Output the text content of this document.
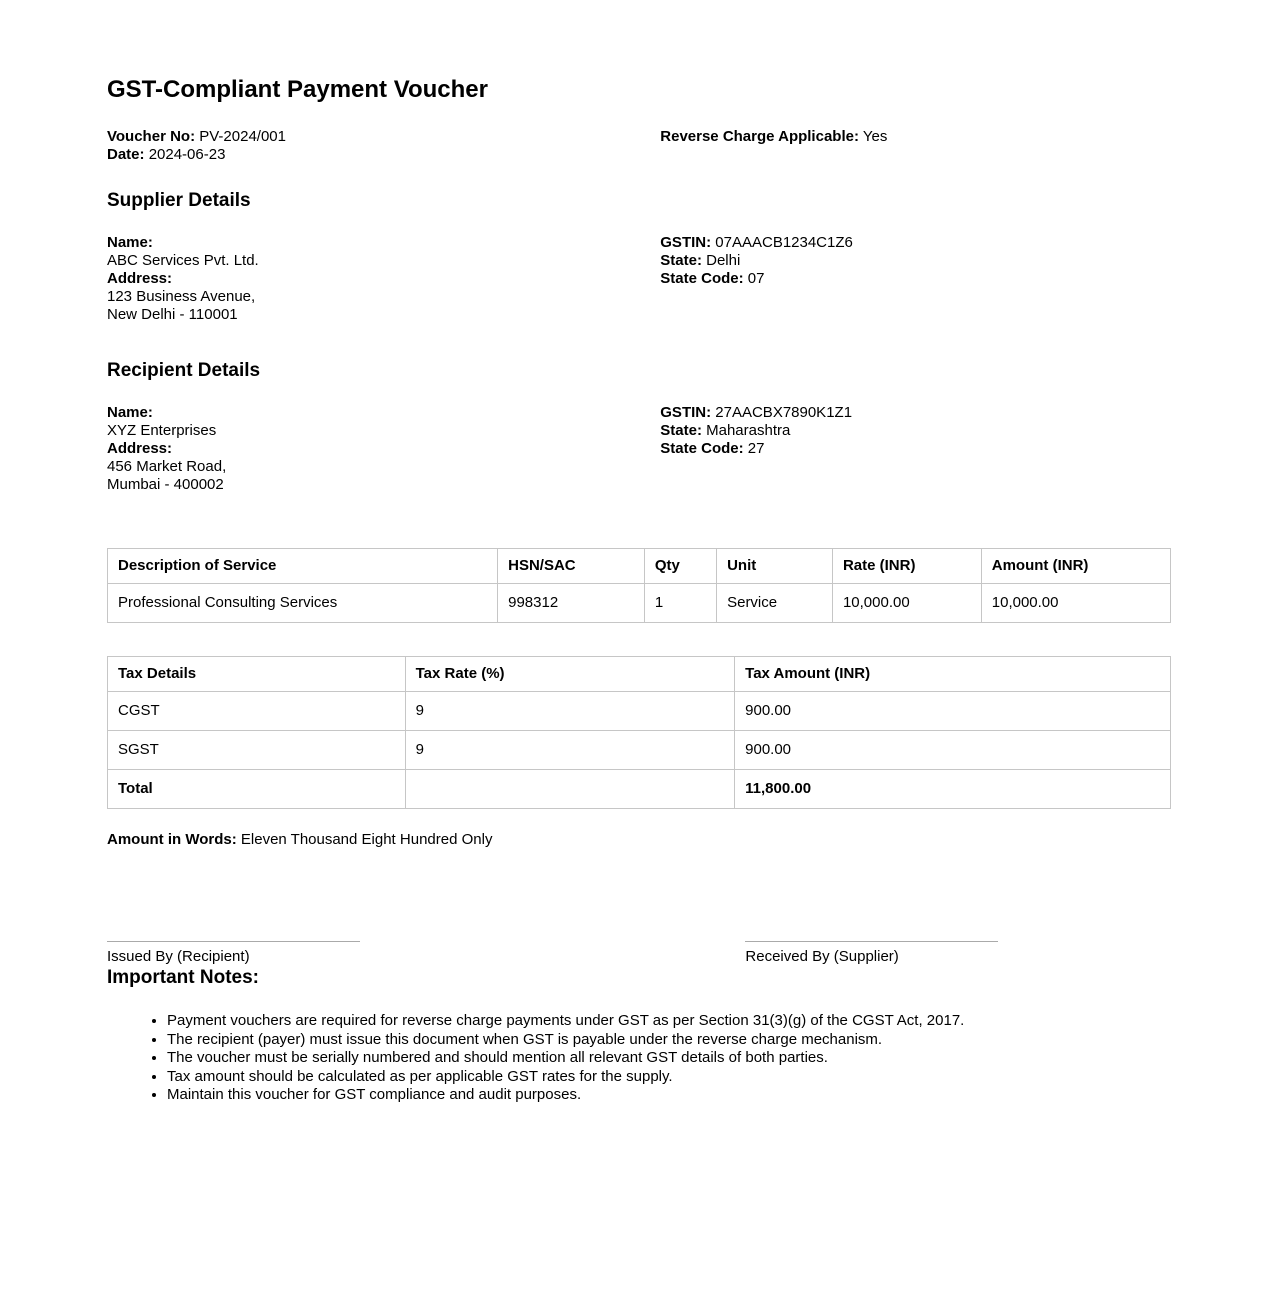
GST-Compliant Payment Voucher
Voucher No: PV-2024/001
Date: 2024-06-23
Reverse Charge Applicable: Yes
Supplier Details
Name:
ABC Services Pvt. Ltd.
Address:
123 Business Avenue,
New Delhi - 110001
GSTIN: 07AAACB1234C1Z6
State: Delhi
State Code: 07
Recipient Details
Name:
XYZ Enterprises
Address:
456 Market Road,
Mumbai - 400002
GSTIN: 27AACBX7890K1Z1
State: Maharashtra
State Code: 27
Description of Service	HSN/SAC	Qty	Unit	Rate (INR)	Amount (INR)
Professional Consulting Services	998312	1	Service	10,000.00	10,000.00
Tax Details	Tax Rate (%)	Tax Amount (INR)
CGST	9	900.00
SGST	9	900.00
Total		11,800.00
Amount in Words: Eleven Thousand Eight Hundred Only
Issued By (Recipient)	Received By (Supplier)
Important Notes:
• Payment vouchers are required for reverse charge payments under GST as per Section 31(3)(g) of the CGST Act, 2017.
• The recipient (payer) must issue this document when GST is payable under the reverse charge mechanism.
• The voucher must be serially numbered and should mention all relevant GST details of both parties.
• Tax amount should be calculated as per applicable GST rates for the supply.
• Maintain this voucher for GST compliance and audit purposes.
